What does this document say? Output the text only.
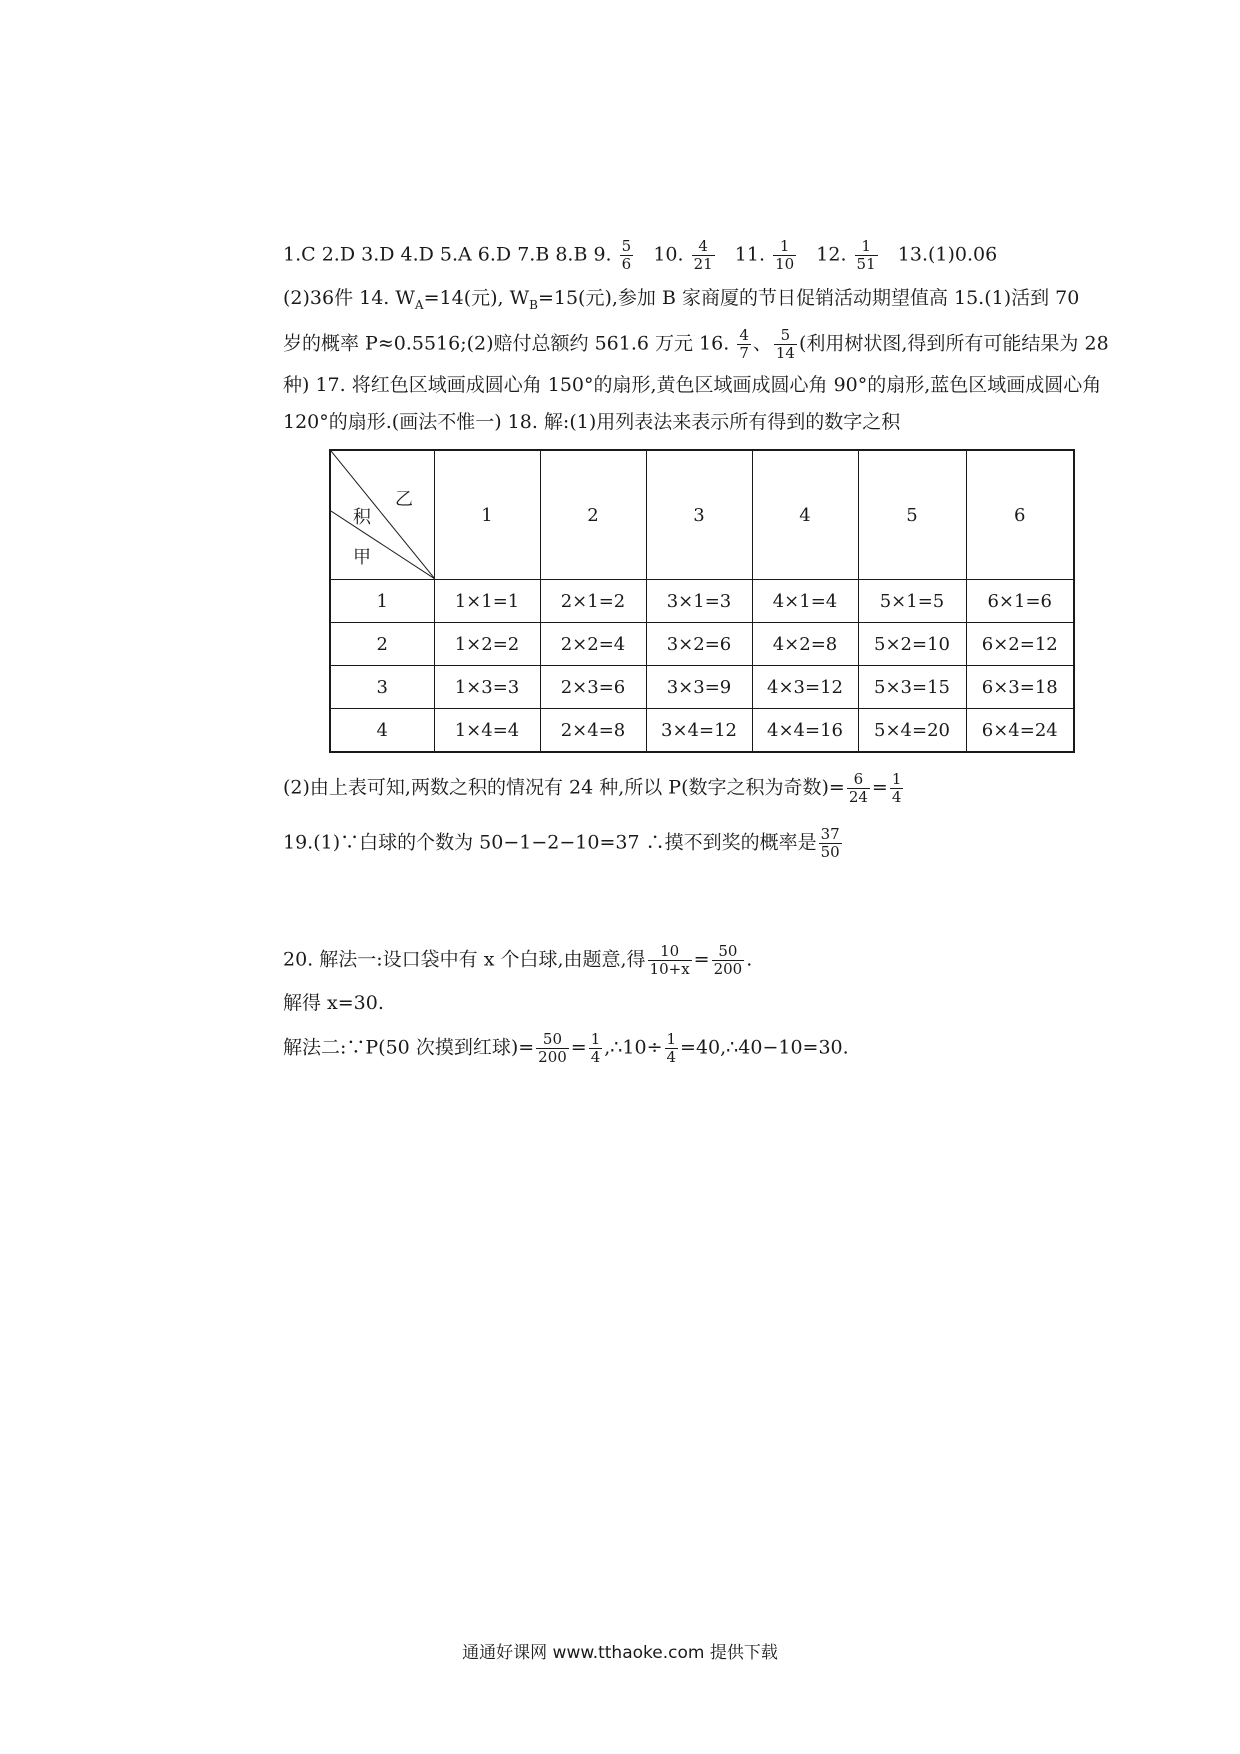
1.C 2.D 3.D 4.D 5.A 6.D 7.B 8.B 9. $\frac{5}{6} 10$. $\frac{4}{21} 11$. $\frac{1}{10} 12$. $\frac{1}{51} 13.(1)0.06$
(2)36件 14. $W_A=14$(元), $W_B=15$(元),参加 B 家商厦的节日促销活动期望值高 15.(1)活到 70
岁的概率 P≈0.5516;(2)赔付总额约 561.6 万元 16. $\frac{4}{7}$ 、 $\frac{5}{14}$ (利用树状图,得到所有可能结果为 28
种) 17. 将红色区域画成圆心角 150°的扇形,黄色区域画成圆心角 90°的扇形,蓝色区域画成圆心角
120°的扇形.(画法不惟一) 18. 解:(1)用列表法来表示所有得到的数字之积
乙
积
甲	1	2	3	4	5	6
1	1×1=1	2×1=2	3×1=3	4×1=4	5×1=5	6×1=6
2	1×2=2	2×2=4	3×2=6	4×2=8	5×2=10	6×2=12
3	1×3=3	2×3=6	3×3=9	4×3=12	5×3=15	6×3=18
4	1×4=4	2×4=8	3×4=12	4×4=16	5×4=20	6×4=24
(2)由上表可知,两数之积的情况有 24 种,所以 P(数字之积为奇数)= $\frac{6}{24} = \frac{1}{4}$
19.(1)∵白球的个数为 50−1−2−10=37 ∴摸不到奖的概率是 $\frac{37}{50}$
20. 解法一:设口袋中有 x 个白球,由题意,得 $\frac{10}{10+x} = \frac{50}{200}$ .
解得 x=30.
解法二:∵P(50 次摸到红球)= $\frac{50}{200} = \frac{1}{4}$ ,∴10÷ $\frac{1}{4}$ =40,∴40−10=30.
通通好课网 www.tthaoke.com 提供下载
